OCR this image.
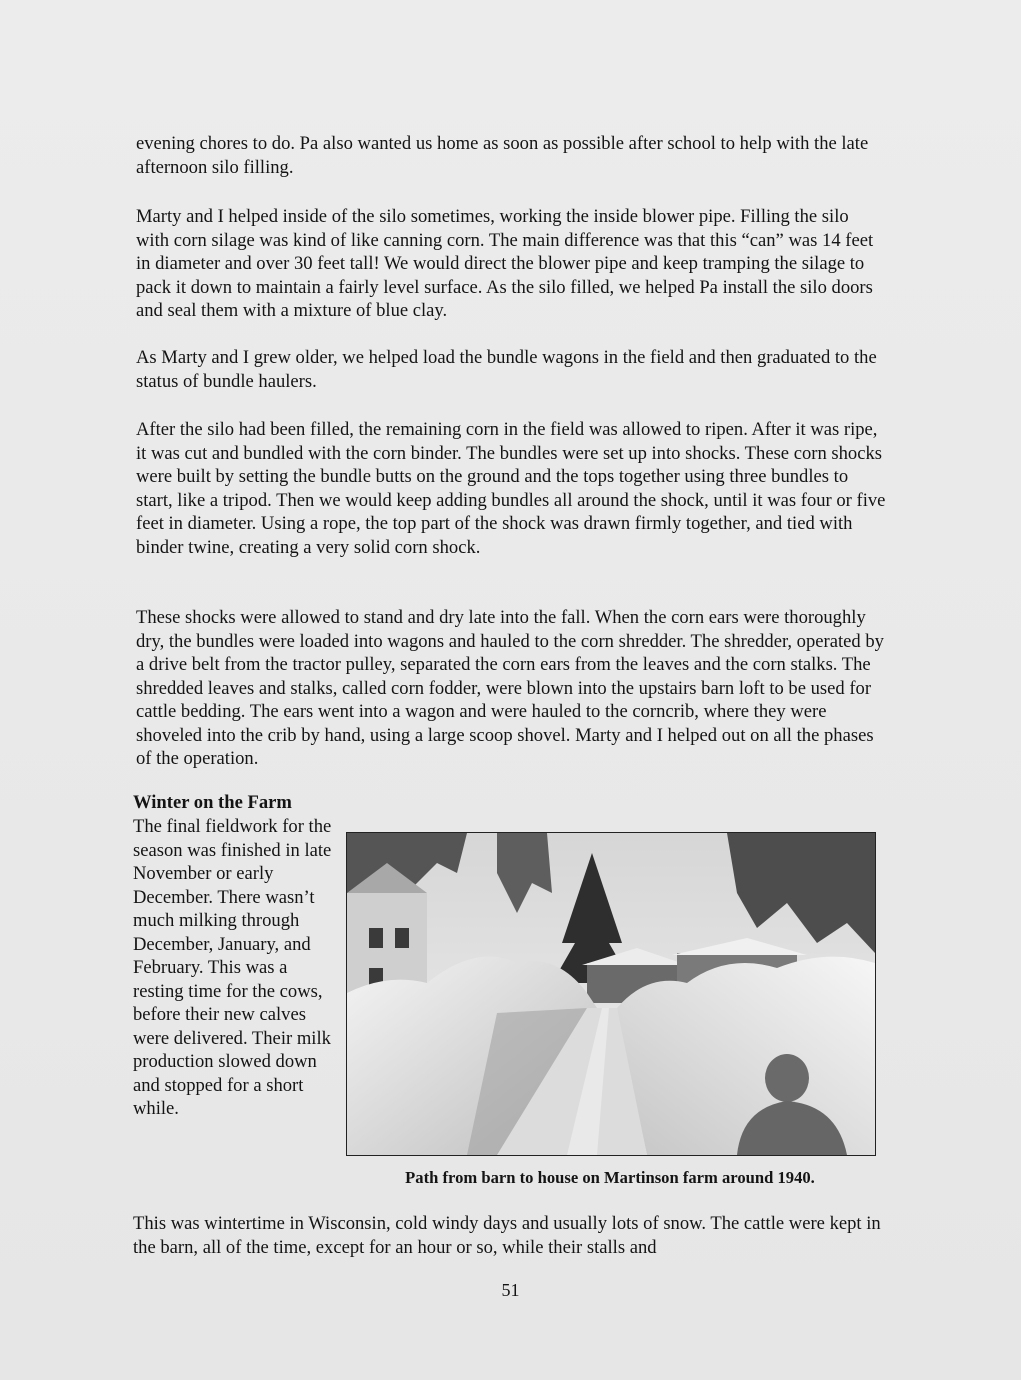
evening chores to do. Pa also wanted us home as soon as possible after school to help with the late afternoon silo filling.

Marty and I helped inside of the silo sometimes, working the inside blower pipe. Filling the silo with corn silage was kind of like canning corn. The main difference was that this “can” was 14 feet in diameter and over 30 feet tall! We would direct the blower pipe and keep tramping the silage to pack it down to maintain a fairly level surface. As the silo filled, we helped Pa install the silo doors and seal them with a mixture of blue clay.

As Marty and I grew older, we helped load the bundle wagons in the field and then graduated to the status of bundle haulers.

After the silo had been filled, the remaining corn in the field was allowed to ripen. After it was ripe, it was cut and bundled with the corn binder. The bundles were set up into shocks. These corn shocks were built by setting the bundle butts on the ground and the tops together using three bundles to start, like a tripod. Then we would keep adding bundles all around the shock, until it was four or five feet in diameter. Using a rope, the top part of the shock was drawn firmly together, and tied with binder twine, creating a very solid corn shock.

These shocks were allowed to stand and dry late into the fall. When the corn ears were thoroughly dry, the bundles were loaded into wagons and hauled to the corn shredder. The shredder, operated by a drive belt from the tractor pulley, separated the corn ears from the leaves and the corn stalks. The shredded leaves and stalks, called corn fodder, were blown into the upstairs barn loft to be used for cattle bedding. The ears went into a wagon and were hauled to the corncrib, where they were shoveled into the crib by hand, using a large scoop shovel. Marty and I helped out on all the phases of the operation.

Winter on the Farm

The final fieldwork for the season was finished in late November or early December. There wasn’t much milking through December, January, and February. This was a resting time for the cows, before their new calves were delivered. Their milk production slowed down and stopped for a short while.

Path from barn to house on Martinson farm around 1940.

This was wintertime in Wisconsin, cold windy days and usually lots of snow. The cattle were kept in the barn, all of the time, except for an hour or so, while their stalls and

51
